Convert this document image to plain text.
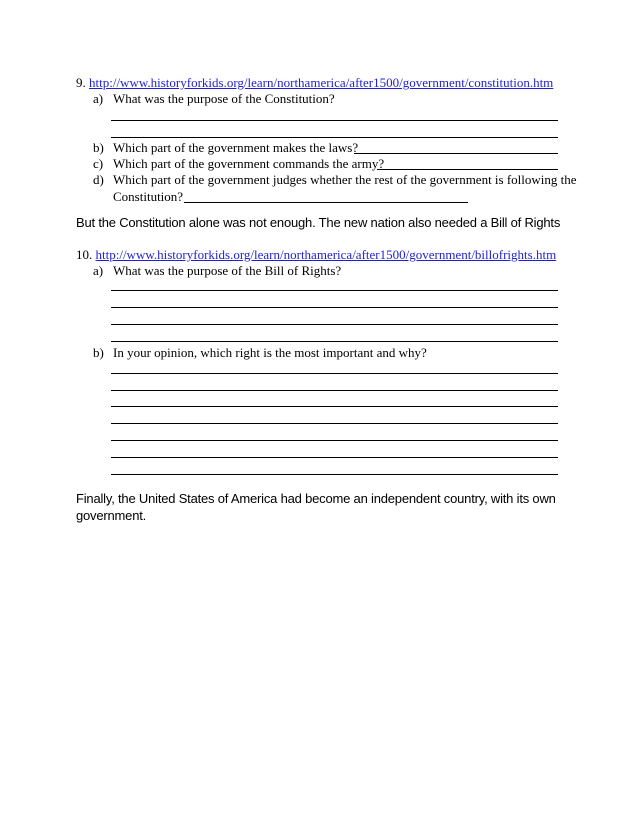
9. http://www.historyforkids.org/learn/northamerica/after1500/government/constitution.htm
a) What was the purpose of the Constitution?
b) Which part of the government makes the laws?
c) Which part of the government commands the army?
d) Which part of the government judges whether the rest of the government is following the
Constitution?
But the Constitution alone was not enough. The new nation also needed a Bill of Rights
10. http://www.historyforkids.org/learn/northamerica/after1500/government/billofrights.htm
a) What was the purpose of the Bill of Rights?
b) In your opinion, which right is the most important and why?
Finally, the United States of America had become an independent country, with its own
government.
